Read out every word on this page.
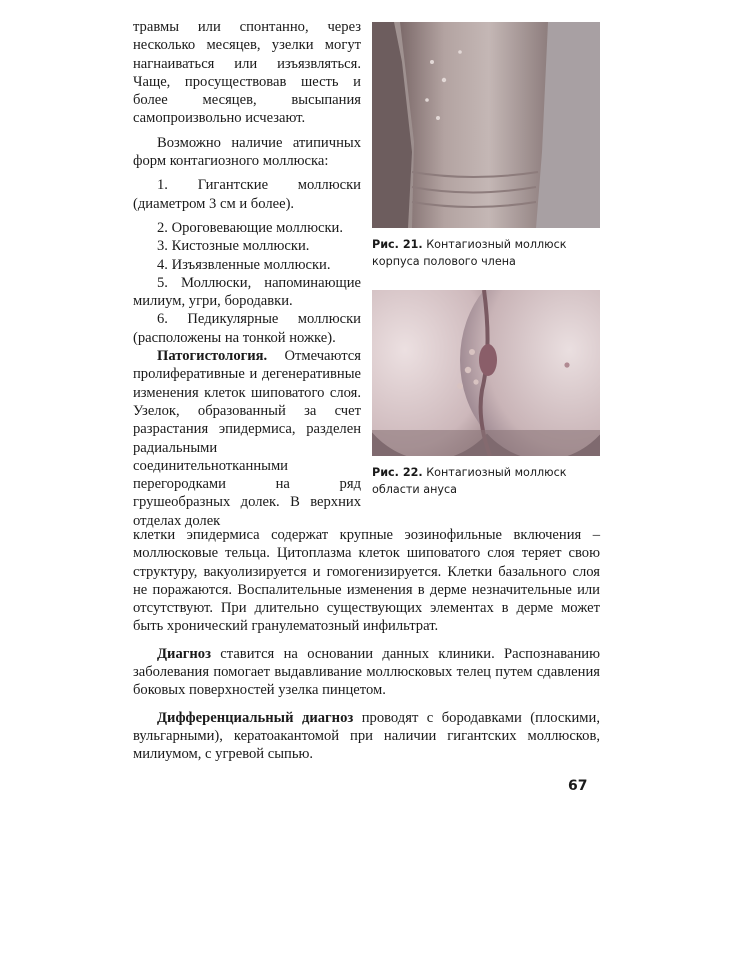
травмы или спонтанно, через несколько месяцев, узелки могут нагнаиваться или изъязвляться. Чаще, просуществовав шесть и более месяцев, высыпания самопроизвольно исчезают.

Возможно наличие атипичных форм контагиозного моллюска:

1. Гигантские моллюски (диаметром 3 см и более).

2. Ороговевающие моллюски.

3. Кистозные моллюски.

4. Изъязвленные моллюски.

5. Моллюски, напоминающие милиум, угри, бородавки.

6. Педикулярные моллюски (расположены на тонкой ножке).

Патогистология. Отмечаются пролиферативные и дегенеративные изменения клеток шиповатого слоя. Узелок, образованный за счет разрастания эпидермиса, разделен радиальными соединительнотканными перегородками на ряд грушеобразных долек. В верхних отделах долек

Рис. 21. Контагиозный моллюск корпуса полового члена
Рис. 22. Контагиозный моллюск области ануса

клетки эпидермиса содержат крупные эозинофильные включения – моллюсковые тельца. Цитоплазма клеток шиповатого слоя теряет свою структуру, вакуолизируется и гомогенизируется. Клетки базального слоя не поражаются. Воспалительные изменения в дерме незначительные или отсутствуют. При длительно существующих элементах в дерме может быть хронический гранулематозный инфильтрат.

Диагноз ставится на основании данных клиники. Распознаванию заболевания помогает выдавливание моллюсковых телец путем сдавления боковых поверхностей узелка пинцетом.

Дифференциальный диагноз проводят с бородавками (плоскими, вульгарными), кератоакантомой при наличии гигантских моллюсков, милиумом, с угревой сыпью.

67
